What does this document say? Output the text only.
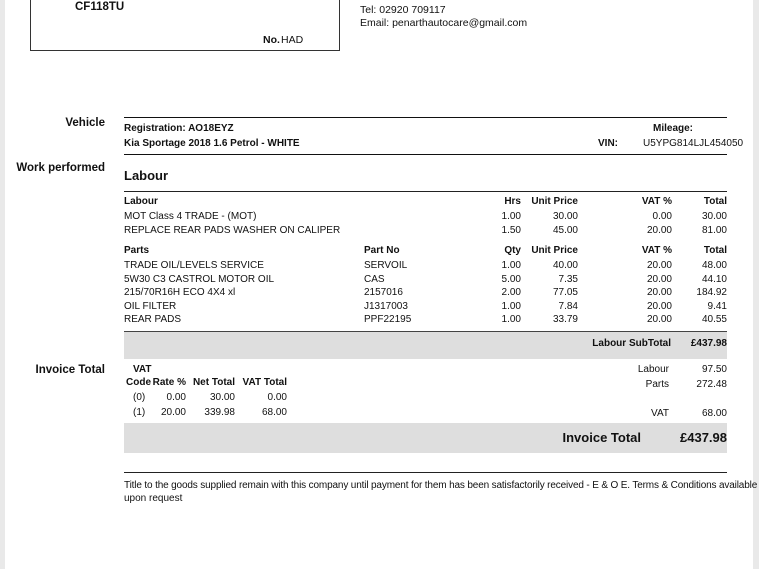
CF118TU
No. HAD
Tel: 02920 709117
Email: penarthautocare@gmail.com
Vehicle
Work performed
Invoice Total
Registration: AO18EYZ
Kia Sportage 2018 1.6 Petrol - WHITE
Mileage:
VIN:	U5YPG814LJL454050
Labour
Labour	Hrs	Unit Price	VAT %	Total
MOT Class 4 TRADE - (MOT)	1.00	30.00	0.00	30.00
REPLACE REAR PADS WASHER ON CALIPER	1.50	45.00	20.00	81.00
Parts	Part No	Qty	Unit Price	VAT %	Total
TRADE OIL/LEVELS SERVICE	SERVOIL	1.00	40.00	20.00	48.00
5W30 C3 CASTROL MOTOR OIL	CAS	5.00	7.35	20.00	44.10
215/70R16H ECO 4X4 xl	2157016	2.00	77.05	20.00	184.92
OIL FILTER	J1317003	1.00	7.84	20.00	9.41
REAR PADS	PPF22195	1.00	33.79	20.00	40.55
Labour SubTotal	£437.98
VAT
Code Rate % Net Total VAT Total
(0)	0.00	30.00	0.00
(1)	20.00	339.98	68.00
Labour	97.50
Parts	272.48
VAT	68.00
Invoice Total	£437.98
Title to the goods supplied remain with this company until payment for them has been satisfactorily received - E & O E. Terms & Conditions available
upon request
